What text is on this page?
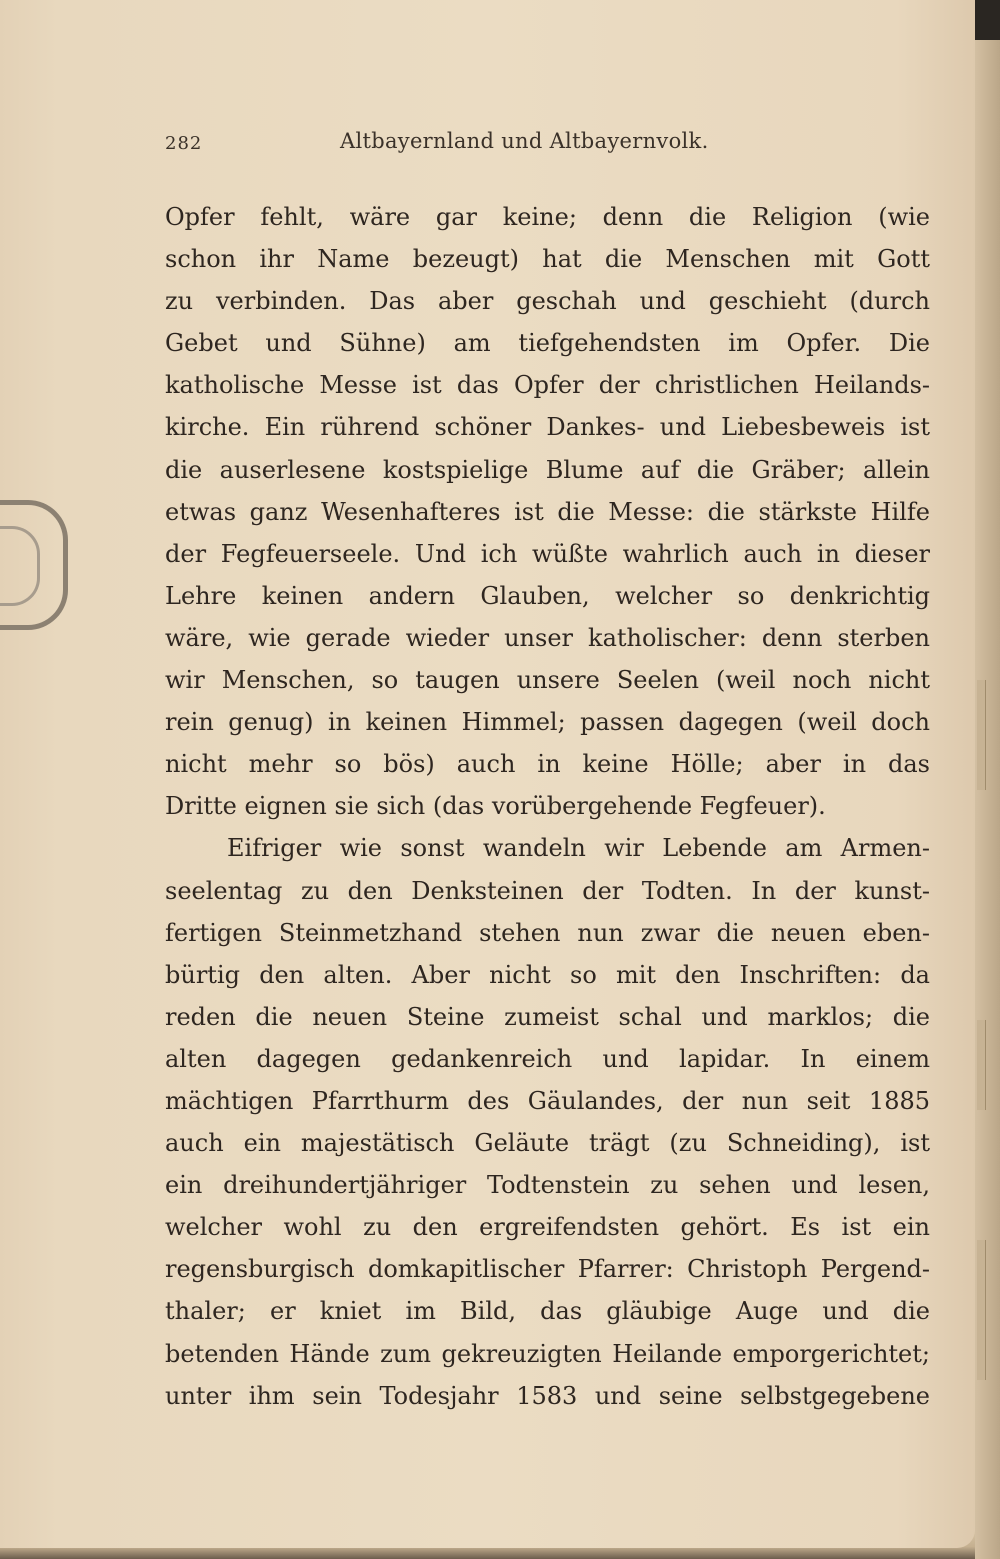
282	Altbayernland und Altbayernvolk.
Opfer fehlt, wäre gar keine; denn die Religion (wie
schon ihr Name bezeugt) hat die Menschen mit Gott
zu verbinden. Das aber geschah und geschieht (durch
Gebet und Sühne) am tiefgehendsten im Opfer. Die
katholische Messe ist das Opfer der christlichen Heilands-
kirche. Ein rührend schöner Dankes- und Liebesbeweis ist
die auserlesene kostspielige Blume auf die Gräber; allein
etwas ganz Wesenhafteres ist die Messe: die stärkste Hilfe
der Fegfeuerseele. Und ich wüßte wahrlich auch in dieser
Lehre keinen andern Glauben, welcher so denkrichtig
wäre, wie gerade wieder unser katholischer: denn sterben
wir Menschen, so taugen unsere Seelen (weil noch nicht
rein genug) in keinen Himmel; passen dagegen (weil doch
nicht mehr so bös) auch in keine Hölle; aber in das
Dritte eignen sie sich (das vorübergehende Fegfeuer).
Eifriger wie sonst wandeln wir Lebende am Armen-
seelentag zu den Denksteinen der Todten. In der kunst-
fertigen Steinmetzhand stehen nun zwar die neuen eben-
bürtig den alten. Aber nicht so mit den Inschriften: da
reden die neuen Steine zumeist schal und marklos; die
alten dagegen gedankenreich und lapidar. In einem
mächtigen Pfarrthurm des Gäulandes, der nun seit 1885
auch ein majestätisch Geläute trägt (zu Schneiding), ist
ein dreihundertjähriger Todtenstein zu sehen und lesen,
welcher wohl zu den ergreifendsten gehört. Es ist ein
regensburgisch domkapitlischer Pfarrer: Christoph Pergend-
thaler; er kniet im Bild, das gläubige Auge und die
betenden Hände zum gekreuzigten Heilande emporgerichtet;
unter ihm sein Todesjahr 1583 und seine selbstgegebene
